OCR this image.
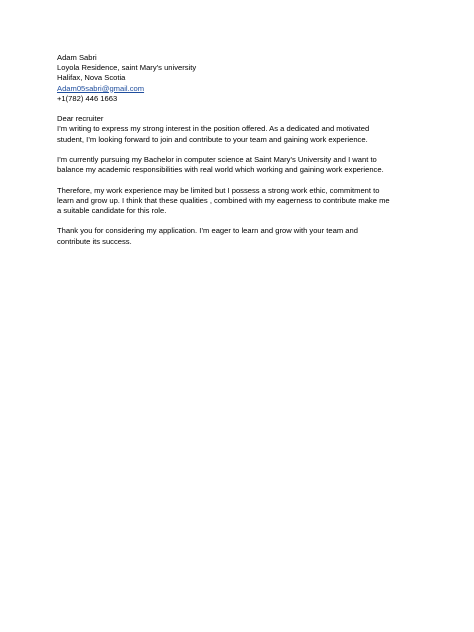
Adam Sabri
Loyola Residence, saint Mary’s university
Halifax, Nova Scotia
Adam05sabri@gmail.com
+1(782) 446 1663
Dear recruiter
I’m writing to express my strong interest in the position offered. As a dedicated and motivated
student, I’m looking forward to join and contribute to your team and gaining work experience.
I’m currently pursuing my Bachelor in computer science at Saint Mary’s University and I want to
balance my academic responsibilities with real world which working and gaining work experience.
Therefore, my work experience may be limited but I possess a strong work ethic, commitment to
learn and grow up. I think that these qualities , combined with my eagerness to contribute make me
a suitable candidate for this role.
Thank you for considering my application. I’m eager to learn and grow with your team and
contribute its success.
